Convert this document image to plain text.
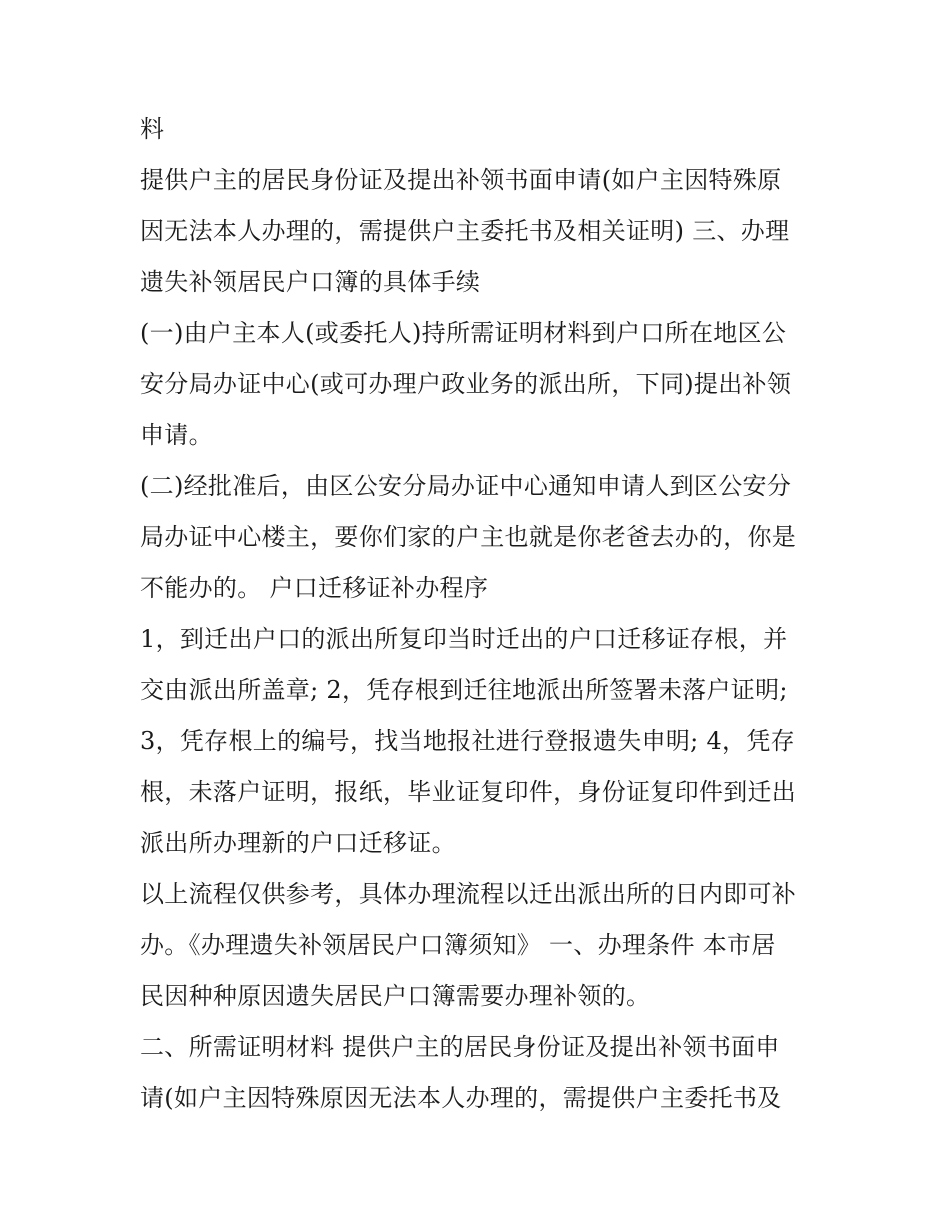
料
提供户主的居民身份证及提出补领书面申请(如户主因特殊原
因无法本人办理的，需提供户主委托书及相关证明) 三、办理
遗失补领居民户口簿的具体手续
(一)由户主本人(或委托人)持所需证明材料到户口所在地区公
安分局办证中心(或可办理户政业务的派出所，下同)提出补领
申请。
(二)经批准后，由区公安分局办证中心通知申请人到区公安分
局办证中心楼主，要你们家的户主也就是你老爸去办的，你是
不能办的。 户口迁移证补办程序
1，到迁出户口的派出所复印当时迁出的户口迁移证存根，并
交由派出所盖章; 2，凭存根到迁往地派出所签署未落户证明;
3，凭存根上的编号，找当地报社进行登报遗失申明; 4，凭存
根，未落户证明，报纸，毕业证复印件，身份证复印件到迁出
派出所办理新的户口迁移证。
以上流程仅供参考，具体办理流程以迁出派出所的日内即可补
办。《办理遗失补领居民户口簿须知》 一、办理条件 本市居
民因种种原因遗失居民户口簿需要办理补领的。
二、所需证明材料 提供户主的居民身份证及提出补领书面申
请(如户主因特殊原因无法本人办理的，需提供户主委托书及
